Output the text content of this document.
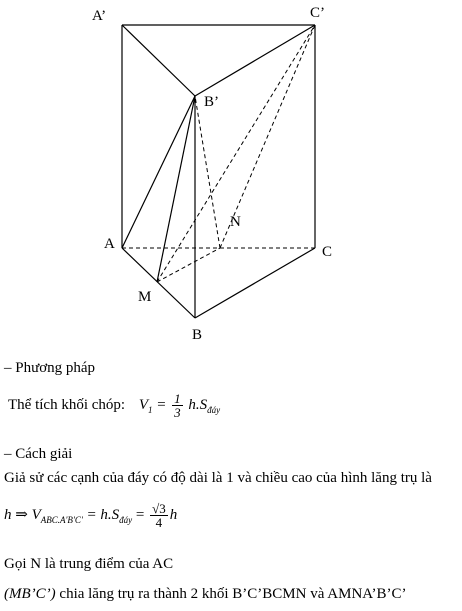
A’	C’
B’
N
A	C
M
B
– Phương pháp
Thể tích khối chóp: $V_1 = \frac{1}{3} h.S_{đáy}$
– Cách giải
Giả sử các cạnh của đáy có độ dài là 1 và chiều cao của hình lăng trụ là
h ⇒ $V_{ABC.A'B'C'} = h.S_{đáy} = \frac{√3}{4}$ h
Gọi N là trung điểm của AC
(MB’C’) chia lăng trụ ra thành 2 khối B’C’BCMN và AMNA’B’C’
